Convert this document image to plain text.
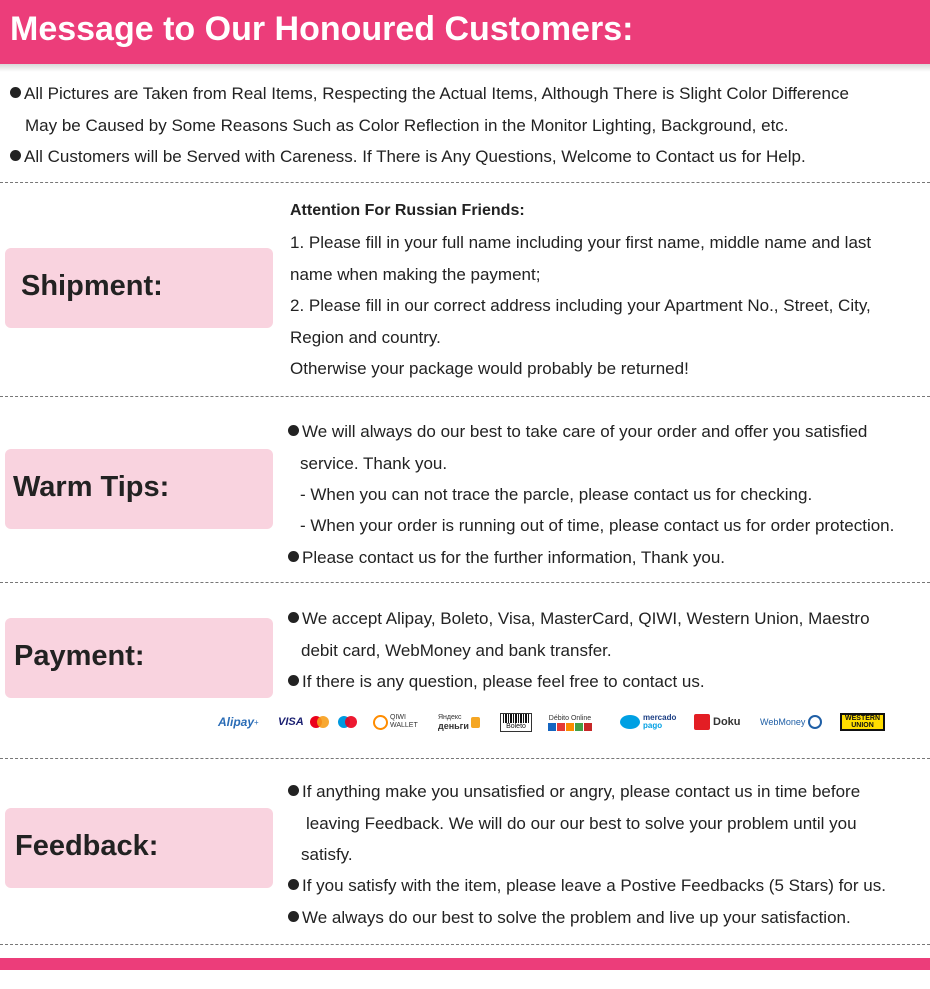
Message to Our Honoured Customers:
All Pictures are Taken from Real Items, Respecting the Actual Items, Although There is Slight Color Difference
May be Caused by Some Reasons Such as Color Reflection in the Monitor Lighting, Background, etc.
All Customers will be Served with Careness. If There is Any Questions, Welcome to Contact us for Help.
Shipment:
Attention For Russian Friends:
1. Please fill in your full name including your first name, middle name and last
name when making the payment;
2. Please fill in our correct address including your Apartment No., Street, City,
Region and country.
Otherwise your package would probably be returned!
Warm Tips:
We will always do our best to take care of your order and offer you satisfied
service. Thank you.
- When you can not trace the parcle, please contact us for checking.
- When your order is running out of time, please contact us for order protection.
Please contact us for the further information, Thank you.
Payment:
We accept Alipay, Boleto, Visa, MasterCard, QIWI, Western Union, Maestro
debit card, WebMoney and bank transfer.
If there is any question, please feel free to contact us.
Alipay + VISA	QIWI
WALLET
Яндекс
деньги	Boleto
Débito Online	mercado
pago	Doku WebMoney	WESTERN
UNION
Feedback:
If anything make you unsatisfied or angry, please contact us in time before
leaving Feedback. We will do our our best to solve your problem until you
satisfy.
If you satisfy with the item, please leave a Postive Feedbacks (5 Stars) for us.
We always do our best to solve the problem and live up your satisfaction.
